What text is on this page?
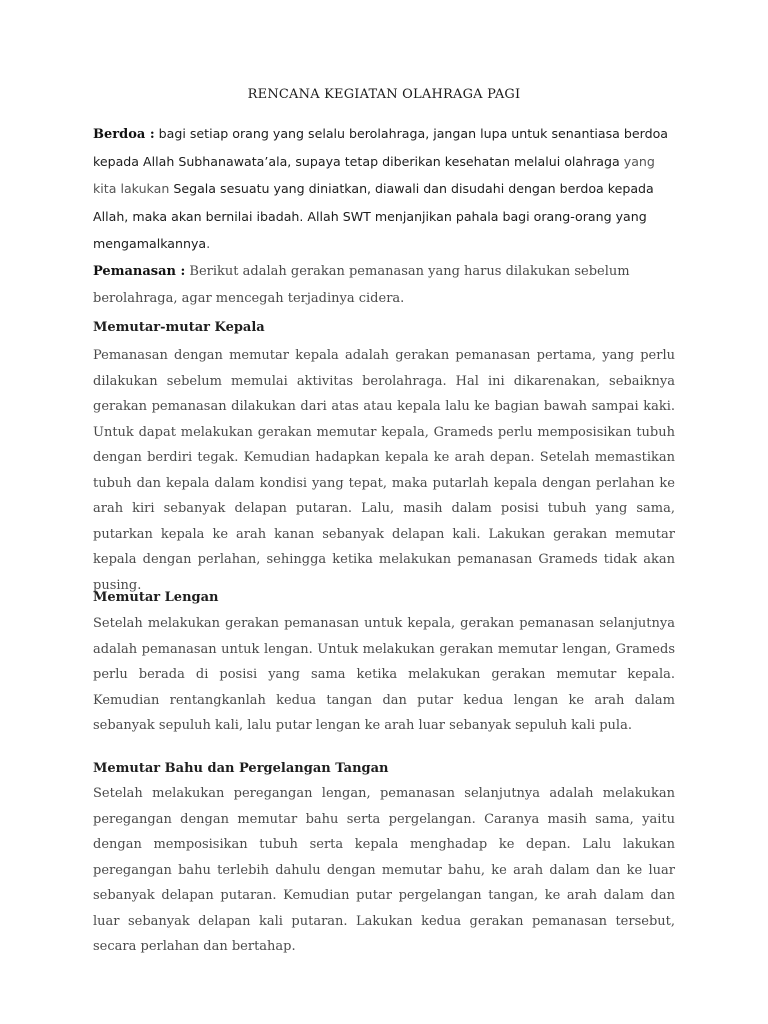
RENCANA KEGIATAN OLAHRAGA PAGI
Berdoa : bagi setiap orang yang selalu berolahraga, jangan lupa untuk senantiasa berdoa kepada Allah Subhanawata’ala, supaya tetap diberikan kesehatan melalui olahraga yang kita lakukan Segala sesuatu yang diniatkan, diawali dan disudahi dengan berdoa kepada Allah, maka akan bernilai ibadah. Allah SWT menjanjikan pahala bagi orang-orang yang mengamalkannya.
Pemanasan : Berikut adalah gerakan pemanasan yang harus dilakukan sebelum berolahraga, agar mencegah terjadinya cidera.
Memutar-mutar Kepala
Pemanasan dengan memutar kepala adalah gerakan pemanasan pertama, yang perlu dilakukan sebelum memulai aktivitas berolahraga. Hal ini dikarenakan, sebaiknya gerakan pemanasan dilakukan dari atas atau kepala lalu ke bagian bawah sampai kaki. Untuk dapat melakukan gerakan memutar kepala, Grameds perlu memposisikan tubuh dengan berdiri tegak. Kemudian hadapkan kepala ke arah depan. Setelah memastikan tubuh dan kepala dalam kondisi yang tepat, maka putarlah kepala dengan perlahan ke arah kiri sebanyak delapan putaran. Lalu, masih dalam posisi tubuh yang sama, putarkan kepala ke arah kanan sebanyak delapan kali. Lakukan gerakan memutar kepala dengan perlahan, sehingga ketika melakukan pemanasan Grameds tidak akan pusing.
Memutar Lengan
Setelah melakukan gerakan pemanasan untuk kepala, gerakan pemanasan selanjutnya adalah pemanasan untuk lengan. Untuk melakukan gerakan memutar lengan, Grameds perlu berada di posisi yang sama ketika melakukan gerakan memutar kepala. Kemudian rentangkanlah kedua tangan dan putar kedua lengan ke arah dalam sebanyak sepuluh kali, lalu putar lengan ke arah luar sebanyak sepuluh kali pula.
Memutar Bahu dan Pergelangan Tangan
Setelah melakukan peregangan lengan, pemanasan selanjutnya adalah melakukan peregangan dengan memutar bahu serta pergelangan. Caranya masih sama, yaitu dengan memposisikan tubuh serta kepala menghadap ke depan. Lalu lakukan peregangan bahu terlebih dahulu dengan memutar bahu, ke arah dalam dan ke luar sebanyak delapan putaran. Kemudian putar pergelangan tangan, ke arah dalam dan luar sebanyak delapan kali putaran. Lakukan kedua gerakan pemanasan tersebut, secara perlahan dan bertahap.
